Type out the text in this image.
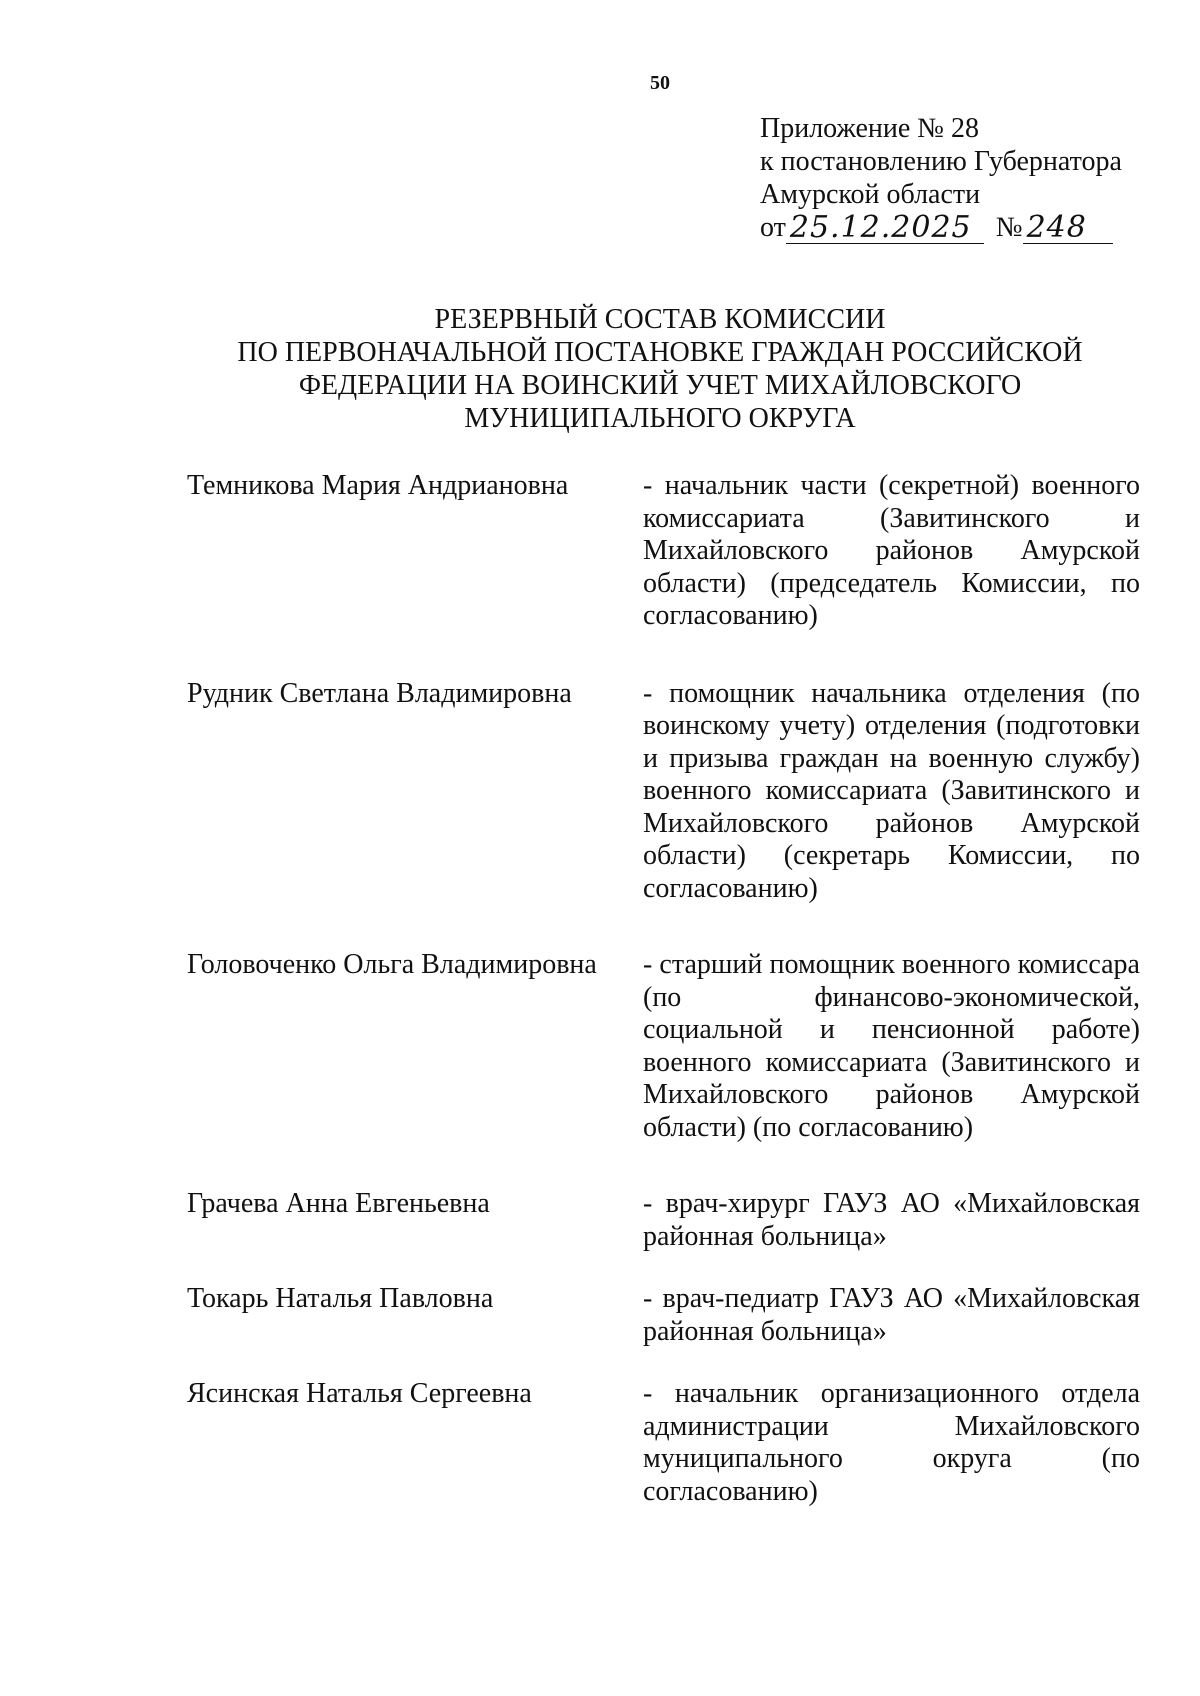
50
Приложение № 28
к постановлению Губернатора
Амурской области
от 25.12.2025 № 248
РЕЗЕРВНЫЙ СОСТАВ КОМИССИИ
ПО ПЕРВОНАЧАЛЬНОЙ ПОСТАНОВКЕ ГРАЖДАН РОССИЙСКОЙ
ФЕДЕРАЦИИ НА ВОИНСКИЙ УЧЕТ МИХАЙЛОВСКОГО
МУНИЦИПАЛЬНОГО ОКРУГА
Темникова Мария Андриановна	- начальник части (секретной) военного комиссариата (Завитинского и Михайловского районов Амурской области) (председатель Комиссии, по согласованию)
Рудник Светлана Владимировна	- помощник начальника отделения (по воинскому учету) отделения (подготовки и призыва граждан на военную службу) военного комиссариата (Завитинского и Михайловского районов Амурской области) (секретарь Комиссии, по согласованию)
Головоченко Ольга Владимировна	- старший помощник военного комиссара (по финансово-экономической, социальной и пенсионной работе) военного комиссариата (Завитинского и Михайловского районов Амурской области) (по согласованию)
Грачева Анна Евгеньевна	- врач-хирург ГАУЗ АО «Михайловская районная больница»
Токарь Наталья Павловна	- врач-педиатр ГАУЗ АО «Михайловская районная больница»
Ясинская Наталья Сергеевна	- начальник организационного отдела администрации Михайловского муниципального округа (по согласованию)
